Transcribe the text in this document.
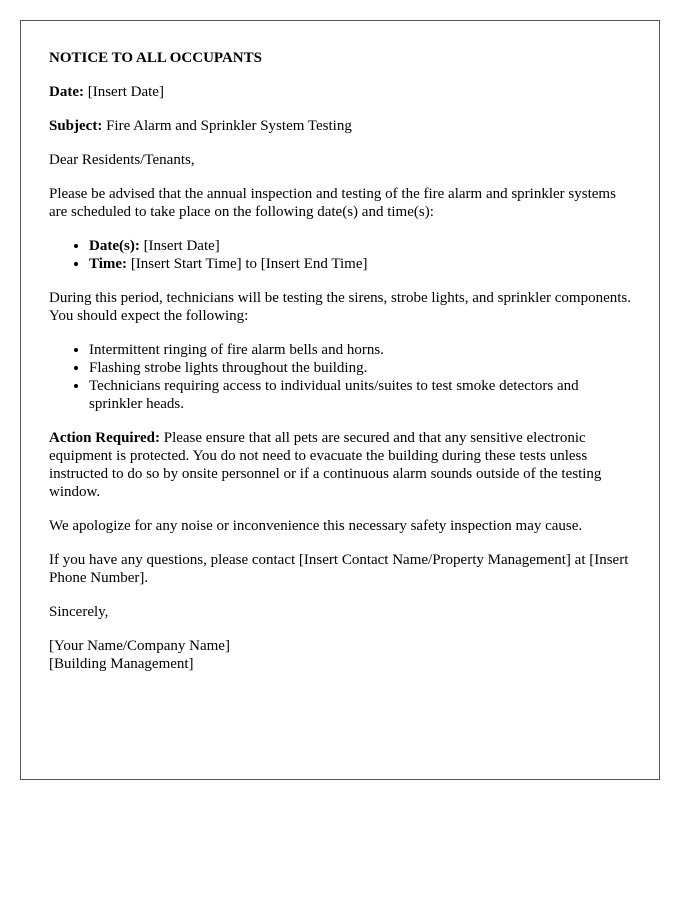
NOTICE TO ALL OCCUPANTS

Date: [Insert Date]

Subject: Fire Alarm and Sprinkler System Testing

Dear Residents/Tenants,

Please be advised that the annual inspection and testing of the fire alarm and sprinkler systems are scheduled to take place on the following date(s) and time(s):

• Date(s): [Insert Date]
• Time: [Insert Start Time] to [Insert End Time]

During this period, technicians will be testing the sirens, strobe lights, and sprinkler components. You should expect the following:

• Intermittent ringing of fire alarm bells and horns.
• Flashing strobe lights throughout the building.
• Technicians requiring access to individual units/suites to test smoke detectors and sprinkler heads.

Action Required: Please ensure that all pets are secured and that any sensitive electronic equipment is protected. You do not need to evacuate the building during these tests unless instructed to do so by onsite personnel or if a continuous alarm sounds outside of the testing window.

We apologize for any noise or inconvenience this necessary safety inspection may cause.

If you have any questions, please contact [Insert Contact Name/Property Management] at [Insert Phone Number].

Sincerely,

[Your Name/Company Name]
[Building Management]
